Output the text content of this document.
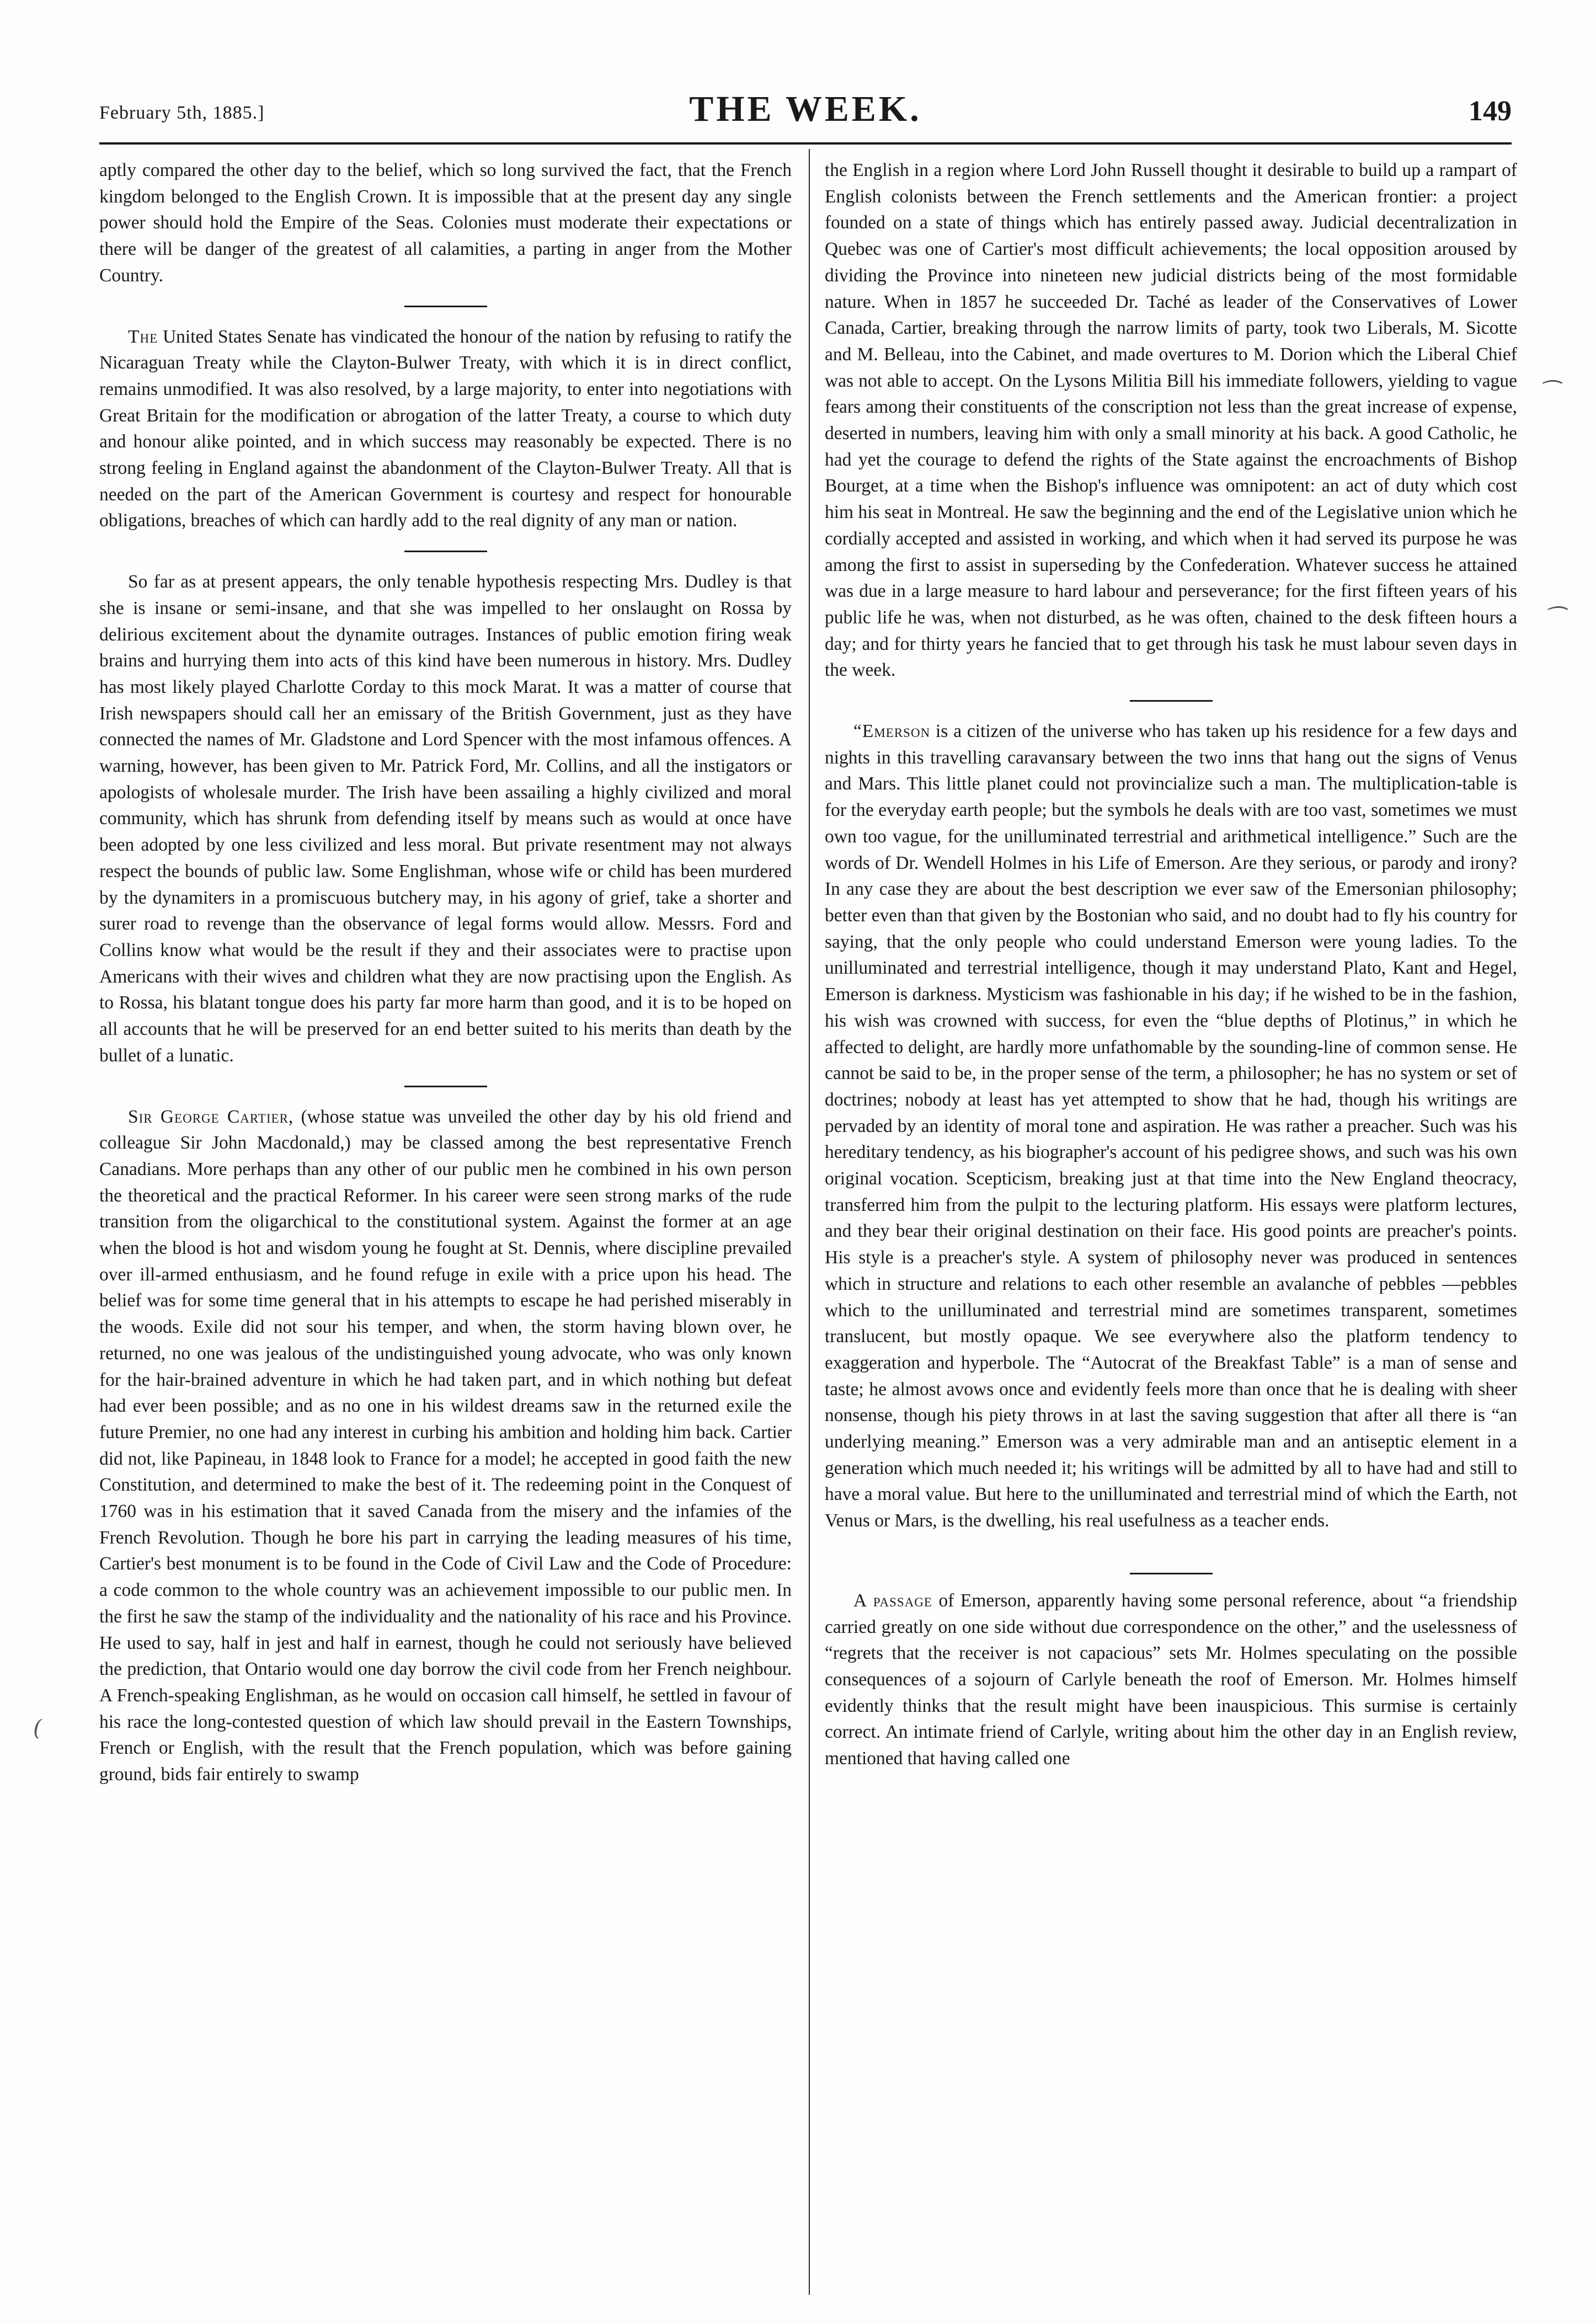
February 5th, 1885.]	THE WEEK.	149

aptly compared the other day to the belief, which so long survived the fact, that the French kingdom belonged to the English Crown. It is impossible that at the present day any single power should hold the Empire of the Seas. Colonies must moderate their expectations or there will be danger of the greatest of all calamities, a parting in anger from the Mother Country.

The United States Senate has vindicated the honour of the nation by refusing to ratify the Nicaraguan Treaty while the Clayton-Bulwer Treaty, with which it is in direct conflict, remains unmodified. It was also resolved, by a large majority, to enter into negotiations with Great Britain for the modification or abrogation of the latter Treaty, a course to which duty and honour alike pointed, and in which success may reasonably be expected. There is no strong feeling in England against the abandonment of the Clayton-Bulwer Treaty. All that is needed on the part of the American Government is courtesy and respect for honourable obligations, breaches of which can hardly add to the real dignity of any man or nation.

So far as at present appears, the only tenable hypothesis respecting Mrs. Dudley is that she is insane or semi-insane, and that she was impelled to her onslaught on Rossa by delirious excitement about the dynamite outrages. Instances of public emotion firing weak brains and hurrying them into acts of this kind have been numerous in history. Mrs. Dudley has most likely played Charlotte Corday to this mock Marat. It was a matter of course that Irish newspapers should call her an emissary of the British Government, just as they have connected the names of Mr. Gladstone and Lord Spencer with the most infamous offences. A warning, however, has been given to Mr. Patrick Ford, Mr. Collins, and all the instigators or apologists of wholesale murder. The Irish have been assailing a highly civilized and moral community, which has shrunk from defending itself by means such as would at once have been adopted by one less civilized and less moral. But private resentment may not always respect the bounds of public law. Some Englishman, whose wife or child has been murdered by the dynamiters in a promiscuous butchery may, in his agony of grief, take a shorter and surer road to revenge than the observance of legal forms would allow. Messrs. Ford and Collins know what would be the result if they and their associates were to practise upon Americans with their wives and children what they are now practising upon the English. As to Rossa, his blatant tongue does his party far more harm than good, and it is to be hoped on all accounts that he will be preserved for an end better suited to his merits than death by the bullet of a lunatic.

Sir George Cartier, (whose statue was unveiled the other day by his old friend and colleague Sir John Macdonald,) may be classed among the best representative French Canadians. More perhaps than any other of our public men he combined in his own person the theoretical and the practical Reformer. In his career were seen strong marks of the rude transition from the oligarchical to the constitutional system. Against the former at an age when the blood is hot and wisdom young he fought at St. Dennis, where discipline prevailed over ill-armed enthusiasm, and he found refuge in exile with a price upon his head. The belief was for some time general that in his attempts to escape he had perished miserably in the woods. Exile did not sour his temper, and when, the storm having blown over, he returned, no one was jealous of the undistinguished young advocate, who was only known for the hair-brained adventure in which he had taken part, and in which nothing but defeat had ever been possible; and as no one in his wildest dreams saw in the returned exile the future Premier, no one had any interest in curbing his ambition and holding him back. Cartier did not, like Papineau, in 1848 look to France for a model; he accepted in good faith the new Constitution, and determined to make the best of it. The redeeming point in the Conquest of 1760 was in his estimation that it saved Canada from the misery and the infamies of the French Revolution. Though he bore his part in carrying the leading measures of his time, Cartier's best monument is to be found in the Code of Civil Law and the Code of Procedure: a code common to the whole country was an achievement impossible to our public men. In the first he saw the stamp of the individuality and the nationality of his race and his Province. He used to say, half in jest and half in earnest, though he could not seriously have believed the prediction, that Ontario would one day borrow the civil code from her French neighbour. A French-speaking Englishman, as he would on occasion call himself, he settled in favour of his race the long-contested question of which law should prevail in the Eastern Townships, French or English, with the result that the French population, which was before gaining ground, bids fair entirely to swamp

the English in a region where Lord John Russell thought it desirable to build up a rampart of English colonists between the French settlements and the American frontier: a project founded on a state of things which has entirely passed away. Judicial decentralization in Quebec was one of Cartier's most difficult achievements; the local opposition aroused by dividing the Province into nineteen new judicial districts being of the most formidable nature. When in 1857 he succeeded Dr. Taché as leader of the Conservatives of Lower Canada, Cartier, breaking through the narrow limits of party, took two Liberals, M. Sicotte and M. Belleau, into the Cabinet, and made overtures to M. Dorion which the Liberal Chief was not able to accept. On the Lysons Militia Bill his immediate followers, yielding to vague fears among their constituents of the conscription not less than the great increase of expense, deserted in numbers, leaving him with only a small minority at his back. A good Catholic, he had yet the courage to defend the rights of the State against the encroachments of Bishop Bourget, at a time when the Bishop's influence was omnipotent: an act of duty which cost him his seat in Montreal. He saw the beginning and the end of the Legislative union which he cordially accepted and assisted in working, and which when it had served its purpose he was among the first to assist in superseding by the Confederation. Whatever success he attained was due in a large measure to hard labour and perseverance; for the first fifteen years of his public life he was, when not disturbed, as he was often, chained to the desk fifteen hours a day; and for thirty years he fancied that to get through his task he must labour seven days in the week.

“Emerson is a citizen of the universe who has taken up his residence for a few days and nights in this travelling caravansary between the two inns that hang out the signs of Venus and Mars. This little planet could not provincialize such a man. The multiplication-table is for the everyday earth people; but the symbols he deals with are too vast, sometimes we must own too vague, for the unilluminated terrestrial and arithmetical intelligence.” Such are the words of Dr. Wendell Holmes in his Life of Emerson. Are they serious, or parody and irony? In any case they are about the best description we ever saw of the Emersonian philosophy; better even than that given by the Bostonian who said, and no doubt had to fly his country for saying, that the only people who could understand Emerson were young ladies. To the unilluminated and terrestrial intelligence, though it may understand Plato, Kant and Hegel, Emerson is darkness. Mysticism was fashionable in his day; if he wished to be in the fashion, his wish was crowned with success, for even the “blue depths of Plotinus,” in which he affected to delight, are hardly more unfathomable by the sounding-line of common sense. He cannot be said to be, in the proper sense of the term, a philosopher; he has no system or set of doctrines; nobody at least has yet attempted to show that he had, though his writings are pervaded by an identity of moral tone and aspiration. He was rather a preacher. Such was his hereditary tendency, as his biographer's account of his pedigree shows, and such was his own original vocation. Scepticism, breaking just at that time into the New England theocracy, transferred him from the pulpit to the lecturing platform. His essays were platform lectures, and they bear their original destination on their face. His good points are preacher's points. His style is a preacher's style. A system of philosophy never was produced in sentences which in structure and relations to each other resemble an avalanche of pebbles —pebbles which to the unilluminated and terrestrial mind are sometimes transparent, sometimes translucent, but mostly opaque. We see everywhere also the platform tendency to exaggeration and hyperbole. The “Autocrat of the Breakfast Table” is a man of sense and taste; he almost avows once and evidently feels more than once that he is dealing with sheer nonsense, though his piety throws in at last the saving suggestion that after all there is “an underlying meaning.” Emerson was a very admirable man and an antiseptic element in a generation which much needed it; his writings will be admitted by all to have had and still to have a moral value. But here to the unilluminated and terrestrial mind of which the Earth, not Venus or Mars, is the dwelling, his real usefulness as a teacher ends.

A passage of Emerson, apparently having some personal reference, about “a friendship carried greatly on one side without due correspondence on the other,” and the uselessness of “regrets that the receiver is not capacious” sets Mr. Holmes speculating on the possible consequences of a sojourn of Carlyle beneath the roof of Emerson. Mr. Holmes himself evidently thinks that the result might have been inauspicious. This surmise is certainly correct. An intimate friend of Carlyle, writing about him the other day in an English review, mentioned that having called one

⁀
⁀
(
